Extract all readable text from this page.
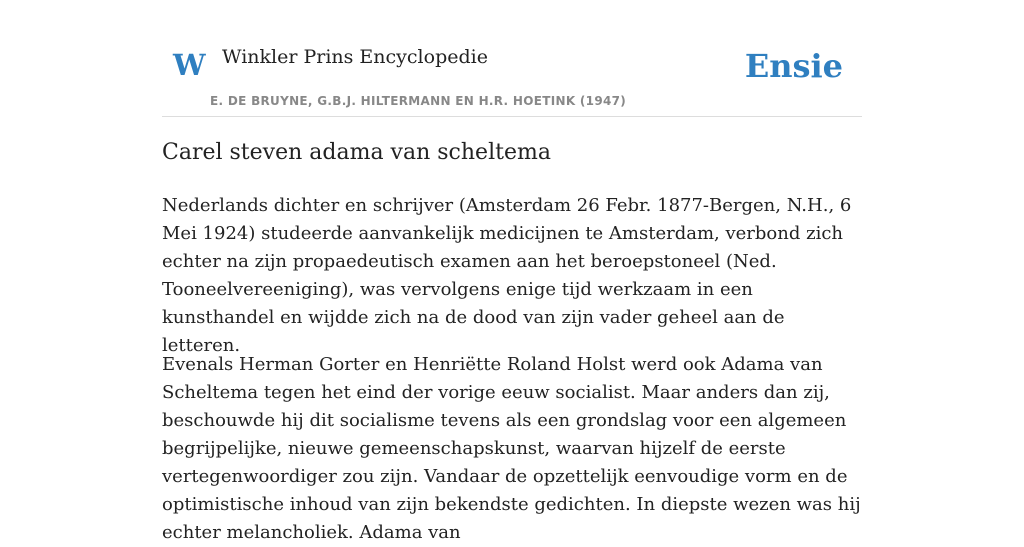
W Winkler Prins Encyclopedie
E. DE BRUYNE, G.B.J. HILTERMANN EN H.R. HOETINK (1947)
Ensie
Carel steven adama van scheltema

Nederlands dichter en schrijver (Amsterdam 26 Febr. 1877-Bergen, N.H., 6 Mei 1924) studeerde aanvankelijk medicijnen te Amsterdam, verbond zich echter na zijn propaedeutisch examen aan het beroepstoneel (Ned. Tooneelvereeniging), was vervolgens enige tijd werkzaam in een kunsthandel en wijdde zich na de dood van zijn vader geheel aan de letteren.

Evenals Herman Gorter en Henriëtte Roland Holst werd ook Adama van Scheltema tegen het eind der vorige eeuw socialist. Maar anders dan zij, beschouwde hij dit socialisme tevens als een grondslag voor een algemeen begrijpelijke, nieuwe gemeenschapskunst, waarvan hijzelf de eerste vertegenwoordiger zou zijn. Vandaar de opzettelijk eenvoudige vorm en de optimistische inhoud van zijn bekendste gedichten. In diepste wezen was hij echter melancholiek. Adama van
